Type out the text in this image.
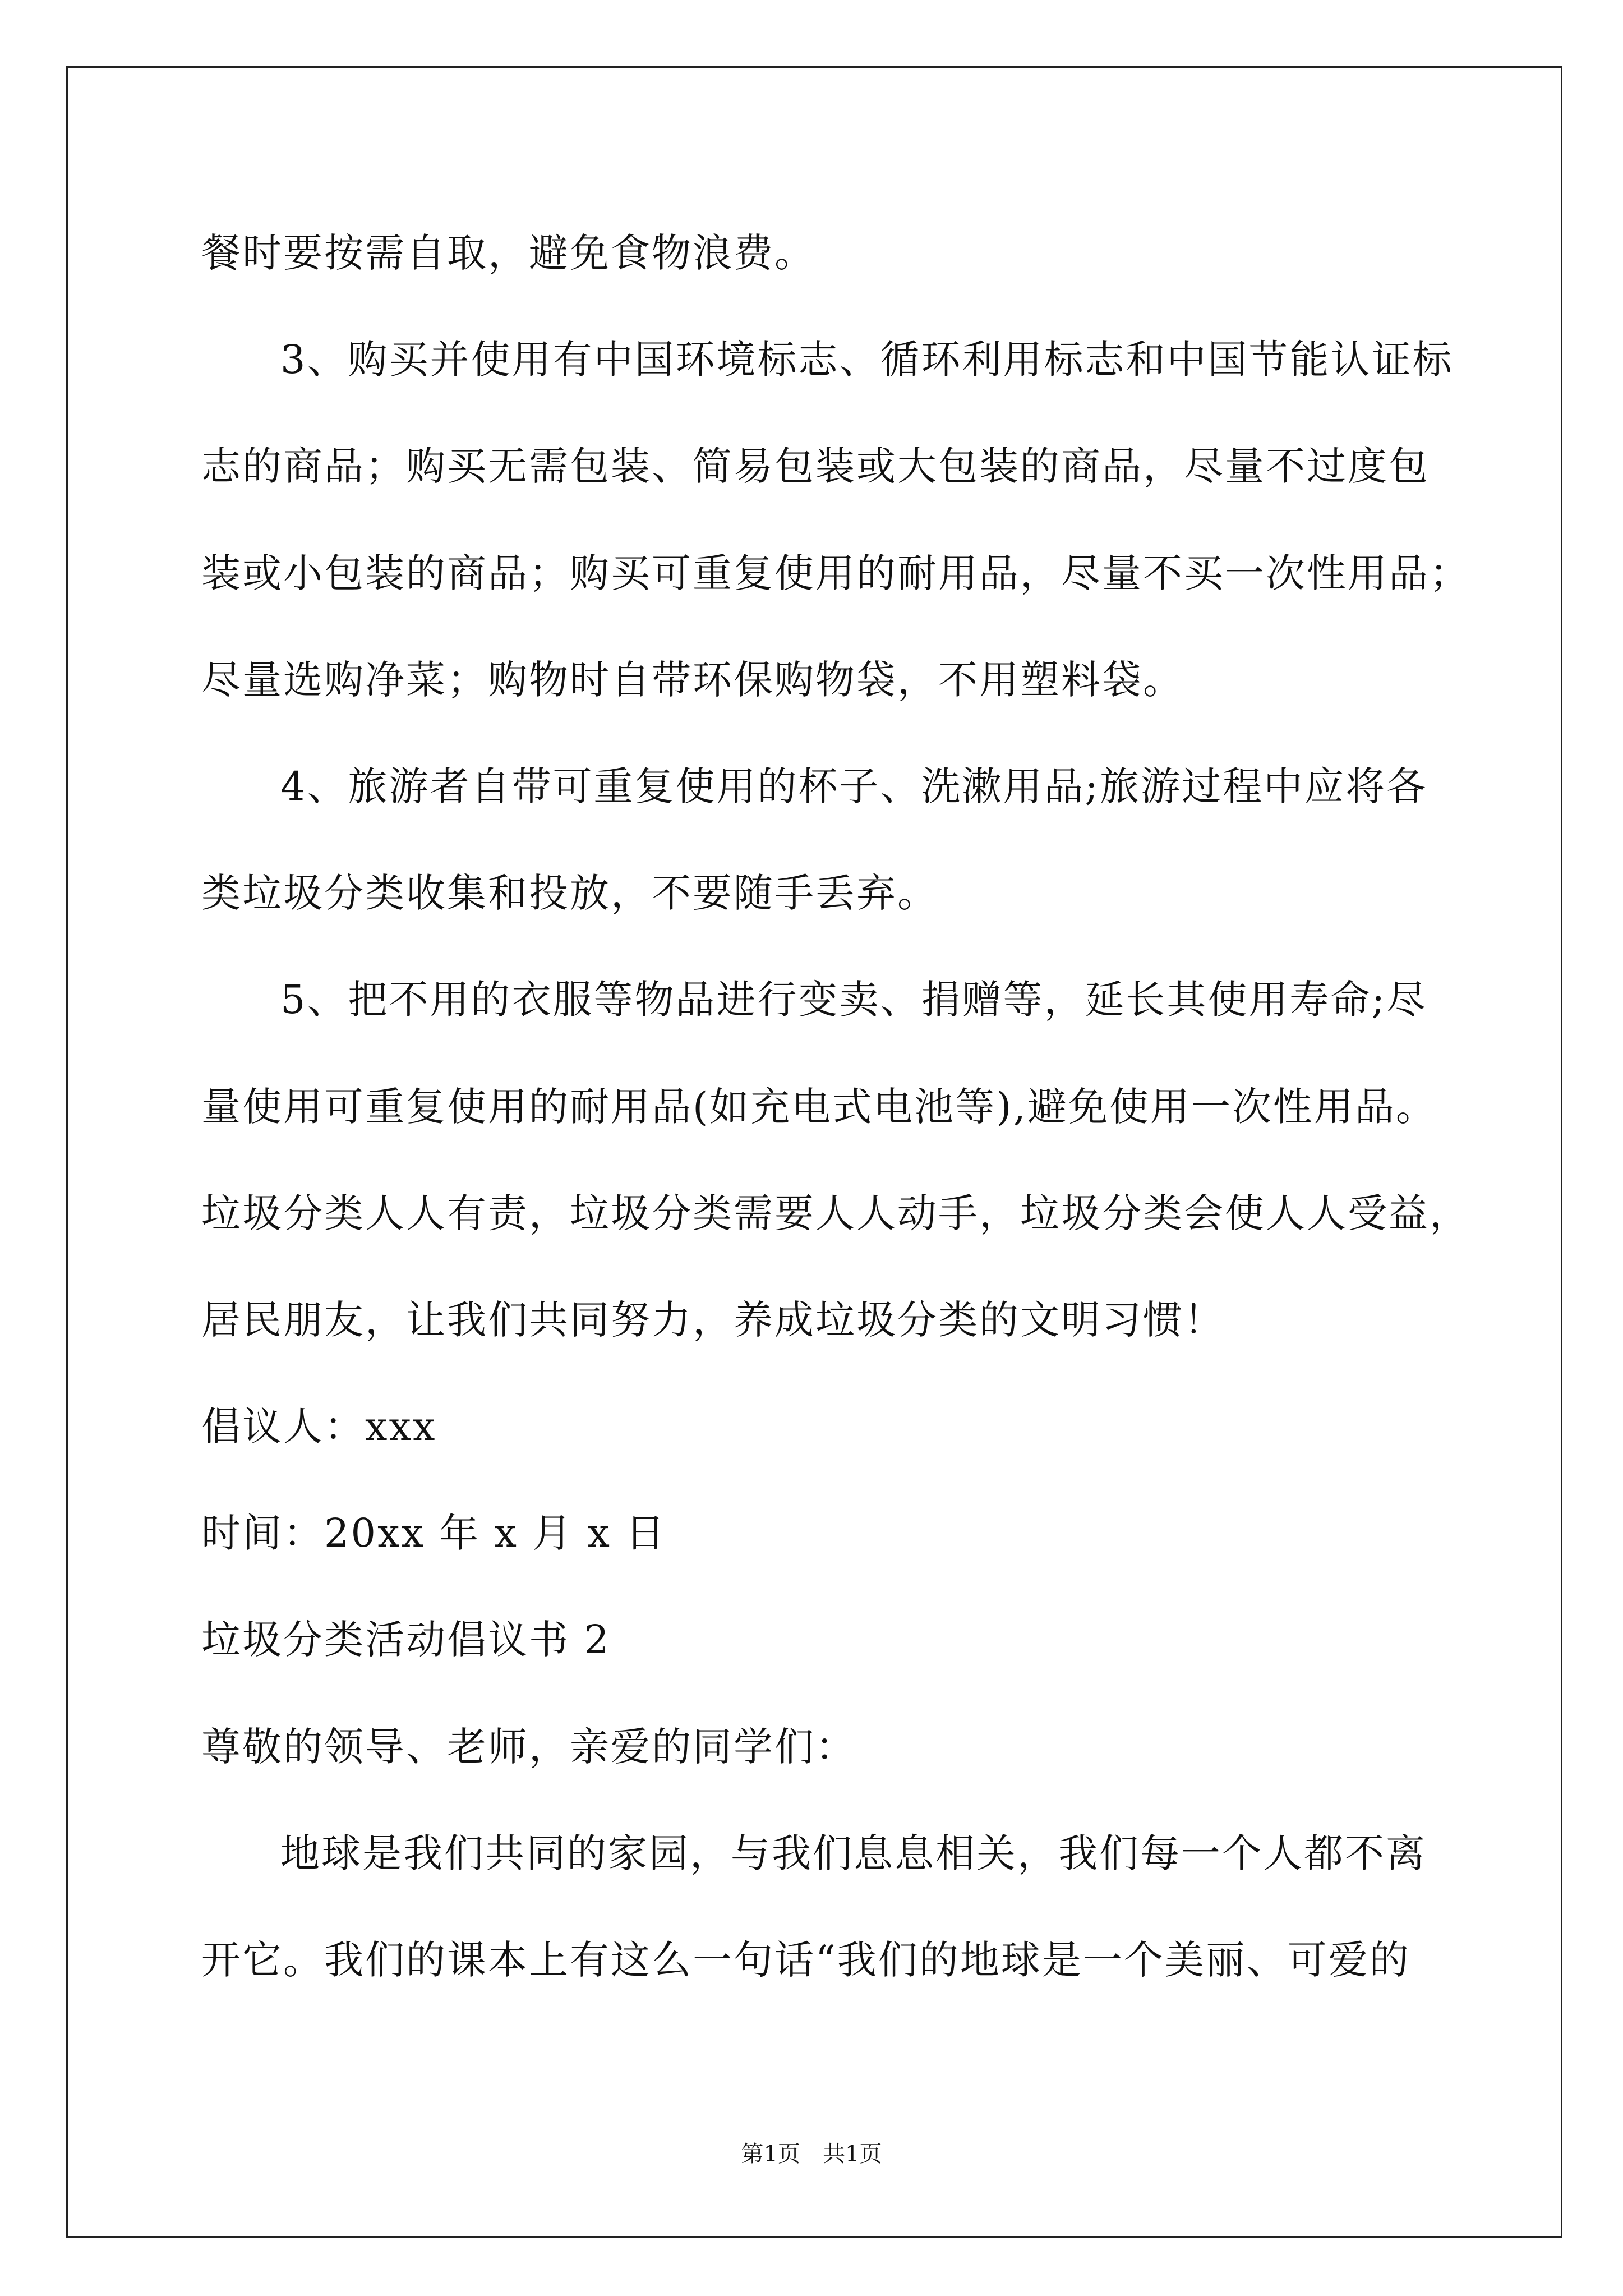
餐时要按需自取，避免食物浪费。
3、购买并使用有中国环境标志、循环利用标志和中国节能认证标
志的商品；购买无需包装、简易包装或大包装的商品，尽量不过度包
装或小包装的商品；购买可重复使用的耐用品，尽量不买一次性用品；
尽量选购净菜；购物时自带环保购物袋，不用塑料袋。
4、旅游者自带可重复使用的杯子、洗漱用品;旅游过程中应将各
类垃圾分类收集和投放，不要随手丢弃。
5、把不用的衣服等物品进行变卖、捐赠等，延长其使用寿命;尽
量使用可重复使用的耐用品(如充电式电池等),避免使用一次性用品。
垃圾分类人人有责，垃圾分类需要人人动手，垃圾分类会使人人受益，
居民朋友，让我们共同努力，养成垃圾分类的文明习惯！
倡议人：xxx
时间：20xx 年 x 月 x 日
垃圾分类活动倡议书 2
尊敬的领导、老师，亲爱的同学们：
地球是我们共同的家园，与我们息息相关，我们每一个人都不离
开它。我们的课本上有这么一句话“我们的地球是一个美丽、可爱的
第1页　共1页
